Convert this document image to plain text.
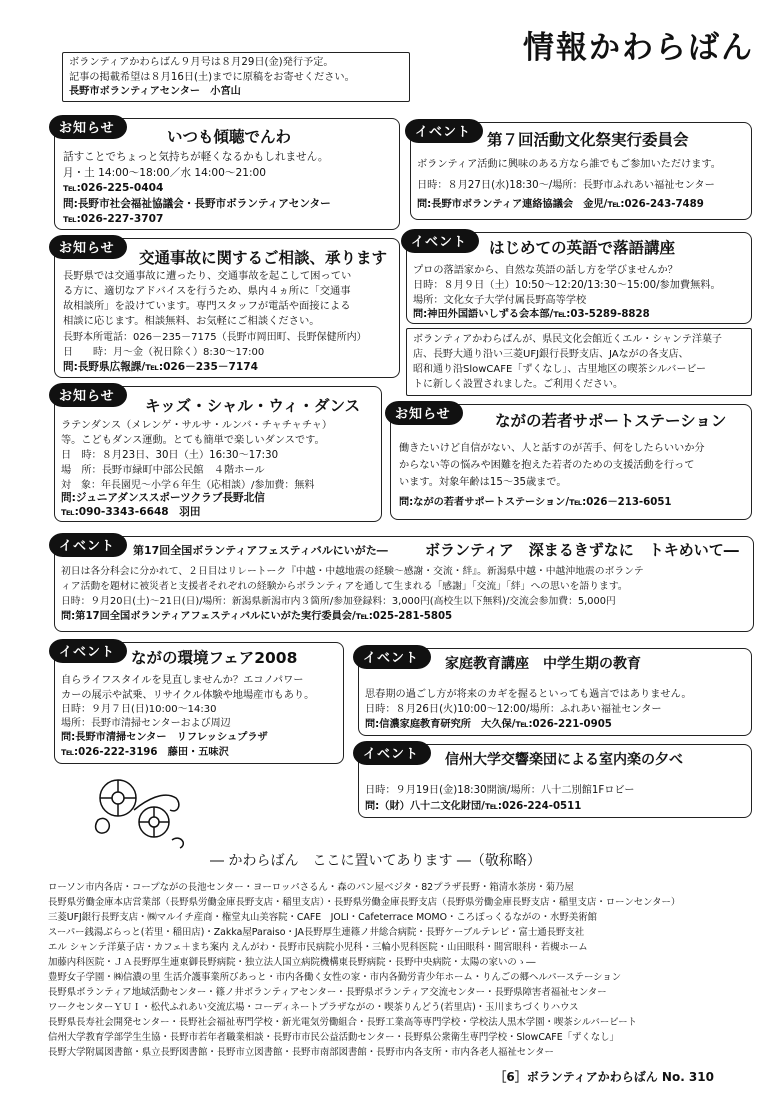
情報かわらばん
ボランティアかわらばん９月号は８月29日(金)発行予定。
記事の掲載希望は８月16日(土)までに原稿をお寄せください。
長野市ボランティアセンター　小宮山
お知らせ	いつも傾聴でんわ
話すことでちょっと気持ちが軽くなるかもしれません。
月・土 14:00～18:00／水 14:00～21:00
℡:026-225-0404
問:長野市社会福祉協議会・長野市ボランティアセンター
℡:026-227-3707
イベント	第７回活動文化祭実行委員会
ボランティア活動に興味のある方なら誰でもご参加いただけます。
日時：８月27日(水)18:30～/場所：長野市ふれあい福祉センター
問:長野市ボランティア連絡協議会　金児/℡:026-243-7489
お知らせ
交通事故に関するご相談、承ります
長野県では交通事故に遭ったり、交通事故を起こして困ってい
る方に、適切なアドバイスを行うため、県内４ヵ所に「交通事
故相談所」を設けています。専門スタッフが電話や面接による
相談に応じます。相談無料、お気軽にご相談ください。
長野本所電話：026－235－7175（長野市岡田町、長野保健所内）
日　　時：月～金（祝日除く）8:30～17:00
問:長野県広報課/℡:026－235－7174
イベント	はじめての英語で落語講座
プロの落語家から、自然な英語の話し方を学びませんか？
日時：８月９日（土）10:50～12:20/13:30～15:00/参加費無料。
場所：文化女子大学付属長野高等学校
問:神田外国語いしずる会本部/℡:03-5289-8828
ボランティアかわらばんが、県民文化会館近くエル・シャンテ洋菓子
店、長野大通り沿い三菱UFJ銀行長野支店、JAながの各支店、
昭和通り沿SlowCAFE「ずくなし」、古里地区の喫茶シルバービー
トに新しく設置されました。ご利用ください。
お知らせ
キッズ・シャル・ウィ・ダンス
ラテンダンス（メレンゲ・サルサ・ルンバ・チャチャチャ）
等。こどもダンス運動。とても簡単で楽しいダンスです。
日　時：８月23日、30日（土）16:30～17:30
場　所：長野市緑町中部公民館　４階ホール
対　象：年長園児～小学６年生（応相談）/参加費：無料
問:ジュニアダンススポーツクラブ長野北信
℡:090-3343-6648　羽田
お知らせ	ながの若者サポートステーション
働きたいけど自信がない、人と話すのが苦手、何をしたらいいか分
からない等の悩みや困難を抱えた若者のための支援活動を行って
います。対象年齢は15～35歳まで。
問:ながの若者サポートステーション/℡:026－213-6051
イベント	第17回全国ボランティアフェスティバルにいがた― ボランティア　深まるきずなに　トキめいて―
初日は各分科会に分かれて、２日目はリレートーク『中越・中越地震の経験～感謝・交流・絆』。新潟県中越・中越沖地震のボランテ
ィア活動を題材に被災者と支援者それぞれの経験からボランティアを通して生まれる「感謝」「交流」「絆」への思いを語ります。
日時：９月20日(土)～21日(日)/場所：新潟県新潟市内３箇所/参加登録料：3,000円(高校生以下無料)/交流会参加費：5,000円
問:第17回全国ボランティアフェスティバルにいがた実行委員会/℡:025-281-5805
イベント	ながの環境フェア2008
自らライフスタイルを見直しませんか？エコノパワー
カーの展示や試乗、リサイクル体験や地場産市もあり。
日時：９月７日(日)10:00～14:30
場所：長野市清掃センターおよび周辺
問:長野市清掃センター　リフレッシュプラザ
℡:026-222-3196　藤田・五味沢
イベント	家庭教育講座　中学生期の教育
思春期の過ごし方が将来のカギを握るといっても過言ではありません。
日時：８月26日(火)10:00～12:00/場所：ふれあい福祉センター
問:信濃家庭教育研究所　大久保/℡:026-221-0905
イベント	信州大学交響楽団による室内楽の夕べ
日時：９月19日(金)18:30開演/場所：八十二別館1Fロビー
問:（財）八十二文化財団/℡:026-224-0511
― かわらばん　ここに置いてあります ―（敬称略）
ローソン市内各店・コープながの長池センター・ヨーロッパさるん・森のパン屋ベジタ・82プラザ長野・箱清水茶房・菊乃屋
長野県労働金庫本店営業部（長野県労働金庫長野支店・稲里支店）・長野県労働金庫長野支店（長野県労働金庫長野支店・稲里支店・ローンセンター）
三菱UFJ銀行長野支店・㈱マルイチ産商・権堂丸山美容院・CAFE　JOLI・Cafeterrace MOMO・ころぽっくるながの・水野美術館
スーパー銭湯ぶらっと(若里・稲田店)・Zakka屋Paraiso・JA長野厚生連篠ノ井総合病院・長野ケーブルテレビ・富士通長野支社
エル シャンテ洋菓子店・カフェ＋まち案内 えんがわ・長野市民病院小児科・三輪小児科医院・山田眼科・間宮眼科・若槻ホーム
加藤内科医院・ＪＡ長野厚生連東御長野病院・独立法人国立病院機構東長野病院・長野中央病院・太陽の家いのゝ―
豊野女子学園・㈱信濃の里 生活介護事業所びあっと・市内各働く女性の家・市内各勤労青少年ホーム・りんごの郷ヘルパーステーション
長野県ボランティア地域活動センター・篠ノ井ボランティアセンター・長野県ボランティア交流センター・長野県障害者福祉センター
ワークセンターＹＵＩ・松代ふれあい交流広場・コーディネートプラザながの・喫茶りんどう(若里店)・玉川まちづくりハウス
長野県長寿社会開発センター・長野社会福祉専門学校・新光電気労働組合・長野工業高等専門学校・学校法人黒木学園・喫茶シルバービート
信州大学教育学部学生生協・長野市若年者職業相談・長野市市民公益活動センター・長野県公衆衛生専門学校・SlowCAFE「ずくなし」
長野大学附属図書館・県立長野図書館・長野市立図書館・長野市南部図書館・長野市内各支所・市内各老人福祉センター
［6］ボランティアかわらばん No. 310
